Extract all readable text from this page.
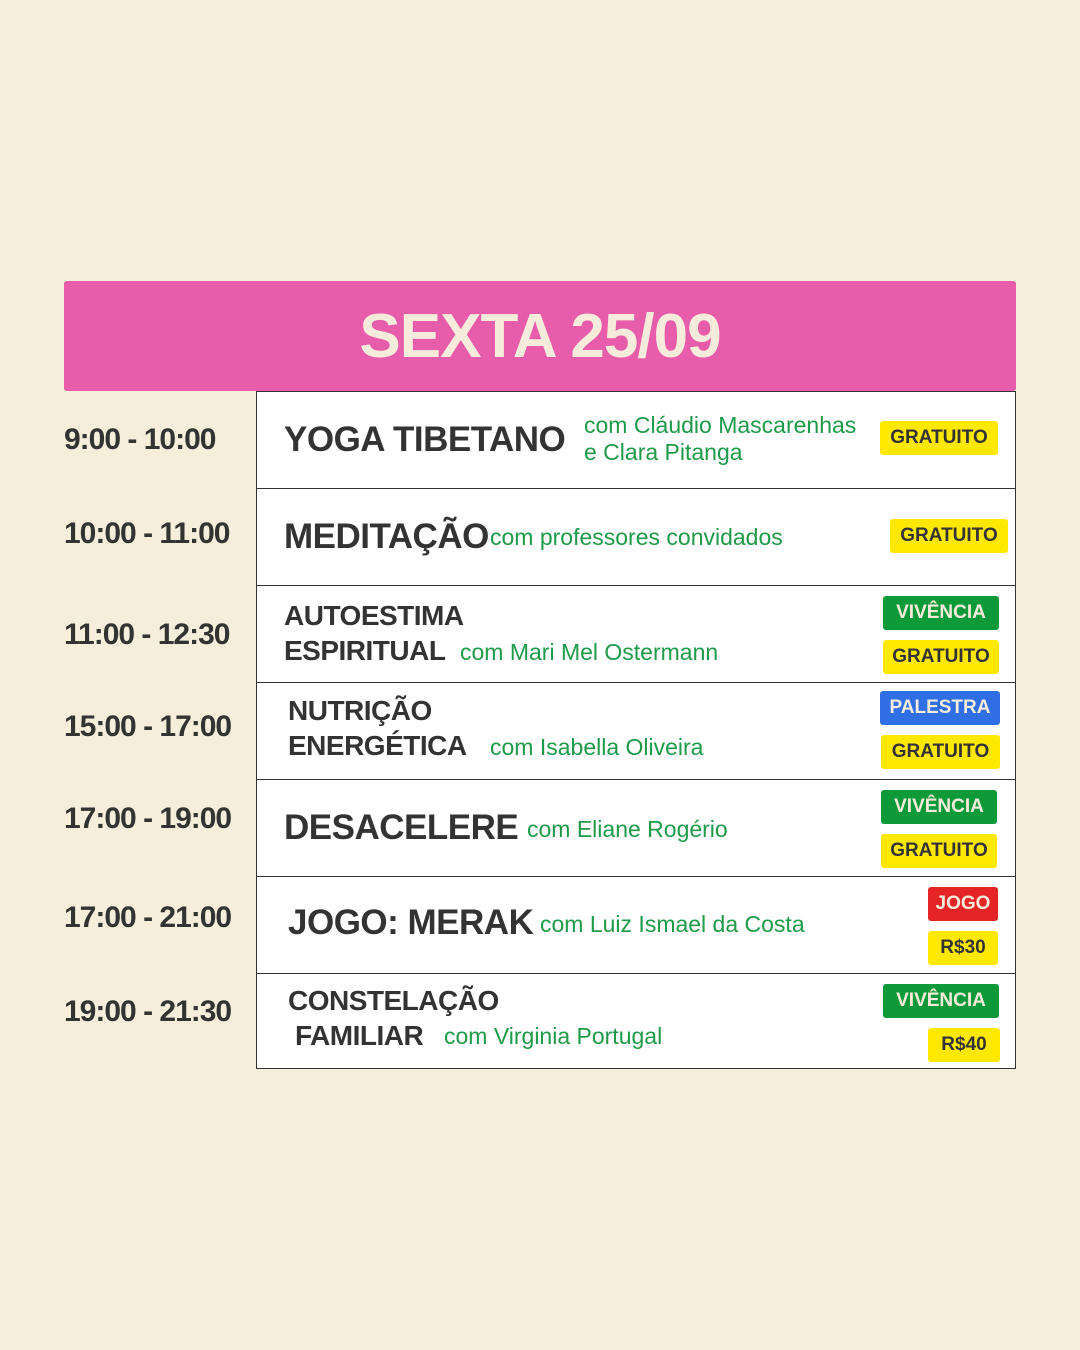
SEXTA 25/09
9:00 - 10:00
10:00 - 11:00
11:00 - 12:30
15:00 - 17:00
17:00 - 19:00
17:00 - 21:00
19:00 - 21:30
YOGA TIBETANO com Cláudio Mascarenhas
e Clara Pitanga
GRATUITO
MEDITAÇÃO com professores convidados	GRATUITO
AUTOESTIMA
ESPIRITUAL com Mari Mel Ostermann
VIVÊNCIA
GRATUITO
NUTRIÇÃO
ENERGÉTICA com Isabella Oliveira
PALESTRA
GRATUITO
DESACELERE com Eliane Rogério
VIVÊNCIA
GRATUITO
JOGO: MERAK com Luiz Ismael da Costa
JOGO
R$30
CONSTELAÇÃO
FAMILIAR com Virginia Portugal
VIVÊNCIA
R$40
